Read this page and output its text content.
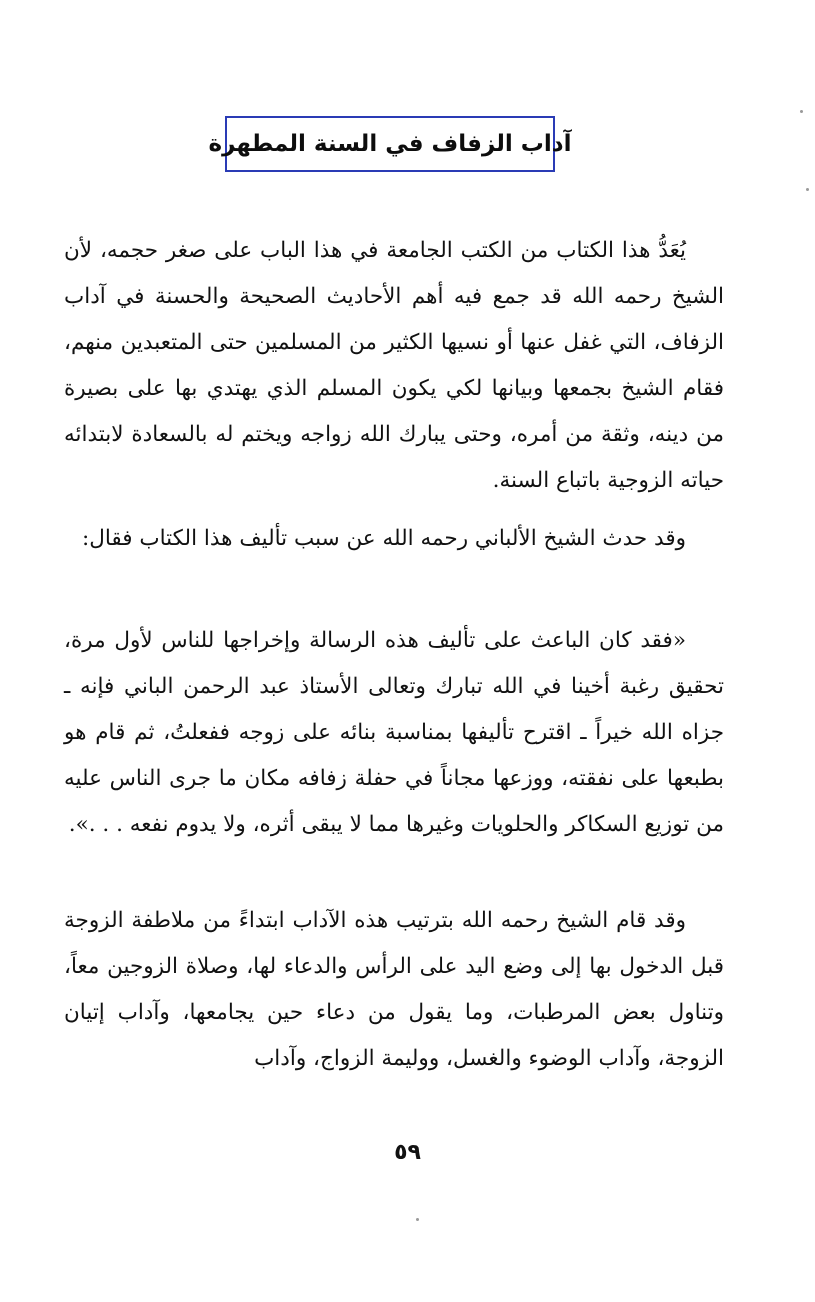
آداب الزفاف في السنة المطهرة

يُعَدُّ هذا الكتاب من الكتب الجامعة في هذا الباب على صغر حجمه، لأن الشيخ رحمه الله قد جمع فيه أهم الأحاديث الصحيحة والحسنة في آداب الزفاف، التي غفل عنها أو نسيها الكثير من المسلمين حتى المتعبدين منهم، فقام الشيخ بجمعها وبيانها لكي يكون المسلم الذي يهتدي بها على بصيرة من دينه، وثقة من أمره، وحتى يبارك الله زواجه ويختم له بالسعادة لابتدائه حياته الزوجية باتباع السنة.

وقد حدث الشيخ الألباني رحمه الله عن سبب تأليف هذا الكتاب فقال:

«فقد كان الباعث على تأليف هذه الرسالة وإخراجها للناس لأول مرة، تحقيق رغبة أخينا في الله تبارك وتعالى الأستاذ عبد الرحمن الباني فإنه ـ جزاه الله خيراً ـ اقترح تأليفها بمناسبة بنائه على زوجه ففعلتُ، ثم قام هو بطبعها على نفقته، ووزعها مجاناً في حفلة زفافه مكان ما جرى الناس عليه من توزيع السكاكر والحلويات وغيرها مما لا يبقى أثره، ولا يدوم نفعه . . .».

وقد قام الشيخ رحمه الله بترتيب هذه الآداب ابتداءً من ملاطفة الزوجة قبل الدخول بها إلى وضع اليد على الرأس والدعاء لها، وصلاة الزوجين معاً، وتناول بعض المرطبات، وما يقول من دعاء حين يجامعها، وآداب إتيان الزوجة، وآداب الوضوء والغسل، ووليمة الزواج، وآداب

٥٩
